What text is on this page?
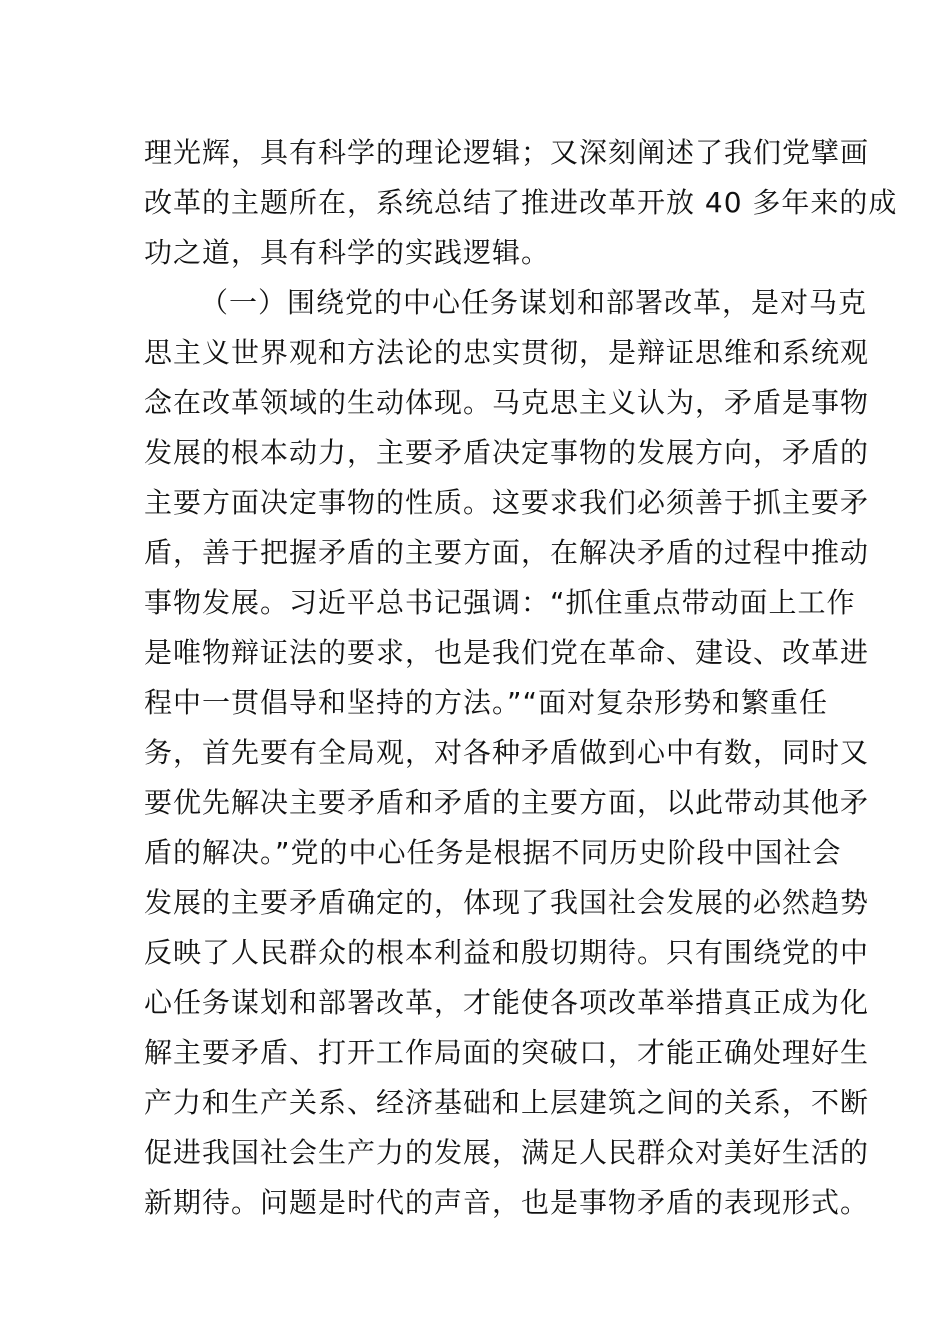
理光辉，具有科学的理论逻辑；又深刻阐述了我们党擘画
改革的主题所在，系统总结了推进改革开放 40 多年来的成
功之道，具有科学的实践逻辑。
（一）围绕党的中心任务谋划和部署改革，是对马克
思主义世界观和方法论的忠实贯彻，是辩证思维和系统观
念在改革领域的生动体现。马克思主义认为，矛盾是事物
发展的根本动力，主要矛盾决定事物的发展方向，矛盾的
主要方面决定事物的性质。这要求我们必须善于抓主要矛
盾，善于把握矛盾的主要方面，在解决矛盾的过程中推动
事物发展。习近平总书记强调：“抓住重点带动面上工作
是唯物辩证法的要求，也是我们党在革命、建设、改革进
程中一贯倡导和坚持的方法。”“面对复杂形势和繁重任
务，首先要有全局观，对各种矛盾做到心中有数，同时又
要优先解决主要矛盾和矛盾的主要方面，以此带动其他矛
盾的解决。”党的中心任务是根据不同历史阶段中国社会
发展的主要矛盾确定的，体现了我国社会发展的必然趋势
反映了人民群众的根本利益和殷切期待。只有围绕党的中
心任务谋划和部署改革，才能使各项改革举措真正成为化
解主要矛盾、打开工作局面的突破口，才能正确处理好生
产力和生产关系、经济基础和上层建筑之间的关系，不断
促进我国社会生产力的发展，满足人民群众对美好生活的
新期待。问题是时代的声音，也是事物矛盾的表现形式。
